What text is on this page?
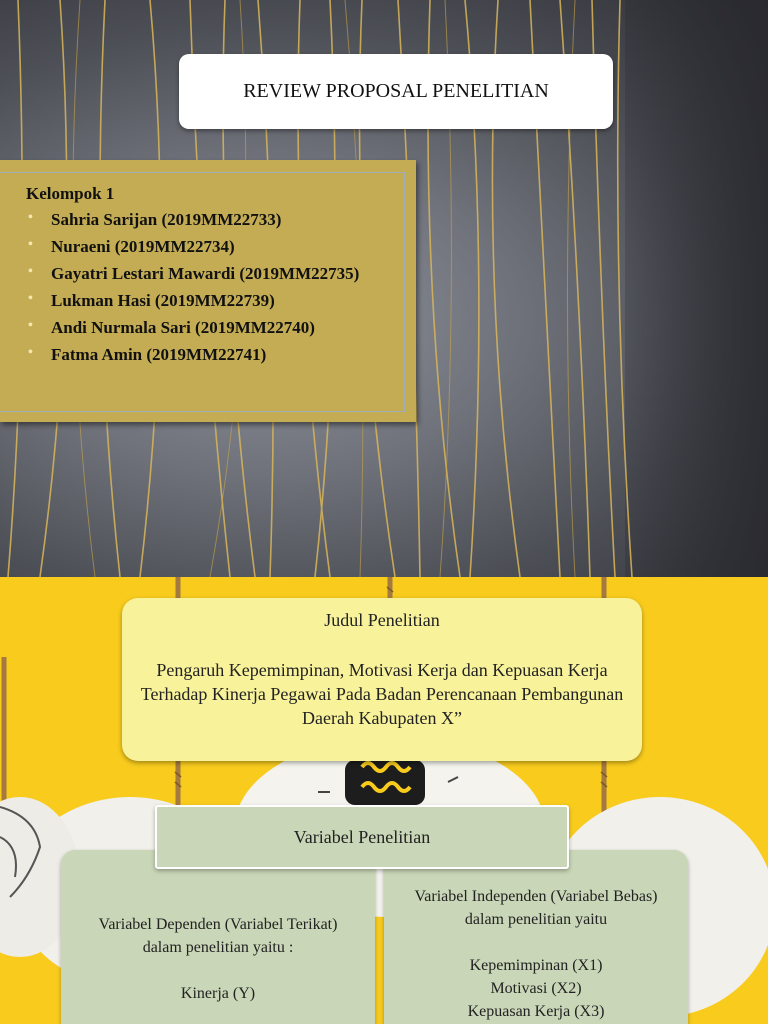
REVIEW PROPOSAL PENELITIAN
Kelompok 1
• Sahria Sarijan (2019MM22733)
• Nuraeni (2019MM22734)
• Gayatri Lestari Mawardi (2019MM22735)
• Lukman Hasi (2019MM22739)
• Andi Nurmala Sari (2019MM22740)
• Fatma Amin (2019MM22741)
Judul Penelitian
Pengaruh Kepemimpinan, Motivasi Kerja dan Kepuasan Kerja Terhadap Kinerja Pegawai Pada Badan Perencanaan Pembangunan Daerah Kabupaten X”
Variabel Dependen (Variabel Terikat) dalam penelitian yaitu :
Kinerja (Y)
Variabel Independen (Variabel Bebas) dalam penelitian yaitu
Kepemimpinan (X1)
Motivasi (X2)
Kepuasan Kerja (X3)
Variabel Penelitian
